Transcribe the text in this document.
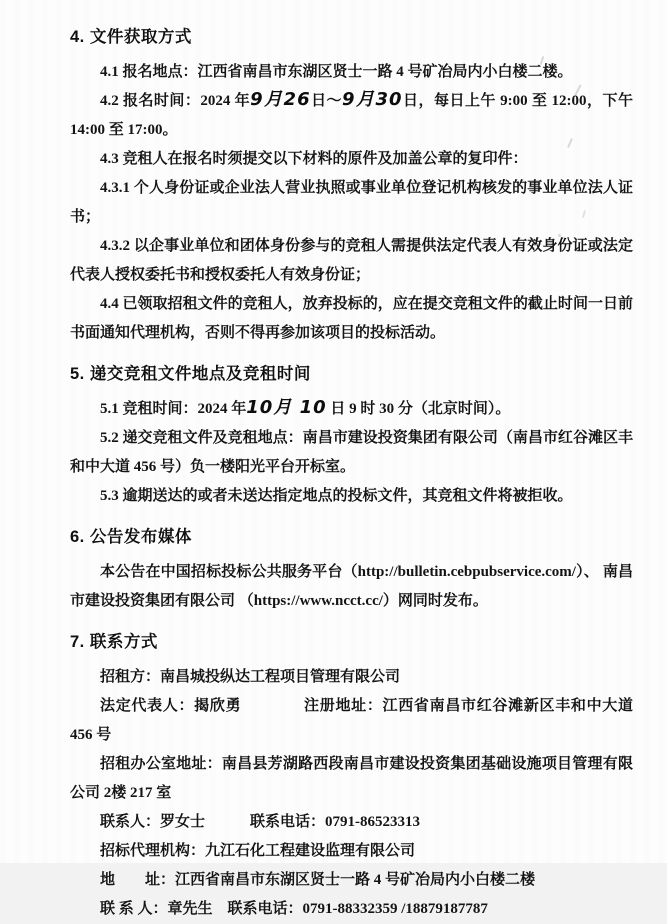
4. 文件获取方式

4.1 报名地点：江西省南昌市东湖区贤士一路 4 号矿冶局内小白楼二楼。

4.2 报名时间：2024 年9月26日～9月30日，每日上午 9:00 至 12:00，下午 14:00 至 17:00。

4.3 竞租人在报名时须提交以下材料的原件及加盖公章的复印件：

4.3.1 个人身份证或企业法人营业执照或事业单位登记机构核发的事业单位法人证书；

4.3.2 以企事业单位和团体身份参与的竞租人需提供法定代表人有效身份证或法定代表人授权委托书和授权委托人有效身份证；

4.4 已领取招租文件的竞租人，放弃投标的，应在提交竞租文件的截止时间一日前书面通知代理机构，否则不得再参加该项目的投标活动。

5. 递交竞租文件地点及竞租时间

5.1 竞租时间：2024 年10月 10 日 9 时 30 分（北京时间）。

5.2 递交竞租文件及竞租地点：南昌市建设投资集团有限公司（南昌市红谷滩区丰和中大道 456 号）负一楼阳光平台开标室。

5.3 逾期送达的或者未送达指定地点的投标文件，其竞租文件将被拒收。

6. 公告发布媒体

本公告在中国招标投标公共服务平台（http://bulletin.cebpubservice.com/）、 南昌市建设投资集团有限公司 （https://www.ncct.cc/）网同时发布。

7. 联系方式

招租方：南昌城投纵达工程项目管理有限公司

法定代表人：揭欣勇　　　　注册地址：江西省南昌市红谷滩新区丰和中大道 456 号

招租办公室地址：南昌县芳湖路西段南昌市建设投资集团基础设施项目管理有限公司 2楼 217 室

联系人：罗女士　　　联系电话：0791-86523313

招标代理机构：九江石化工程建设监理有限公司

地　　址：江西省南昌市东湖区贤士一路 4 号矿冶局内小白楼二楼

联 系 人：章先生　联系电话：0791-88332359 /18879187787
